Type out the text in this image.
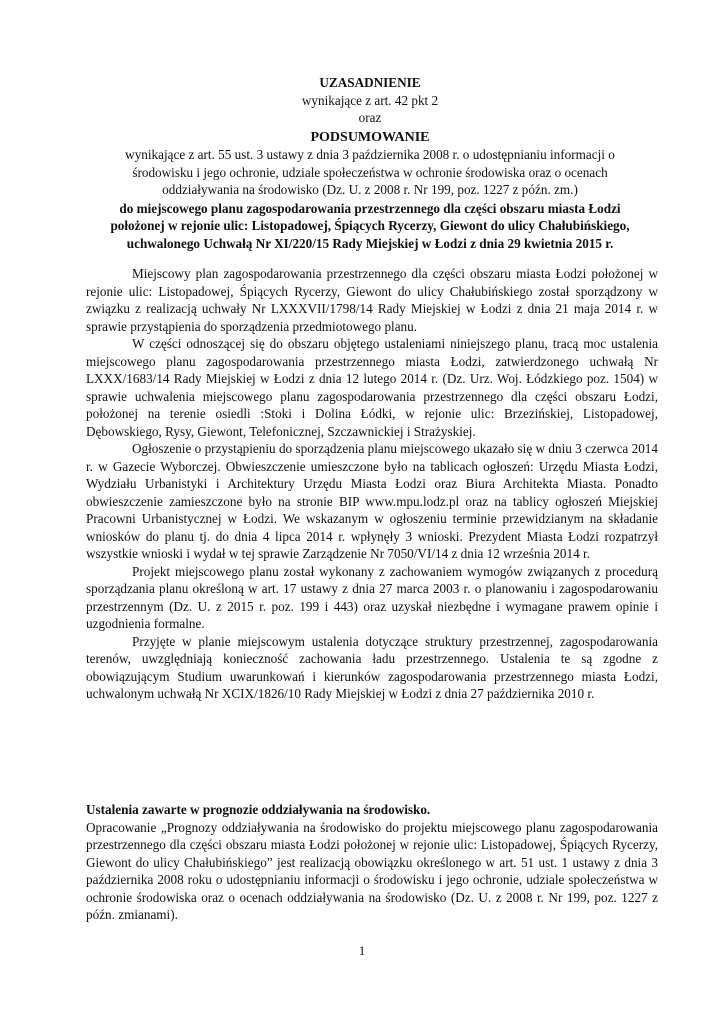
UZASADNIENIE
wynikające z art. 42 pkt 2
oraz
PODSUMOWANIE
wynikające z art. 55 ust. 3 ustawy z dnia 3 października 2008 r. o udostępnianiu informacji o środowisku i jego ochronie, udziale społeczeństwa w ochronie środowiska oraz o ocenach oddziaływania na środowisko (Dz. U. z 2008 r. Nr 199, poz. 1227 z późn. zm.)
do miejscowego planu zagospodarowania przestrzennego dla części obszaru miasta Łodzi położonej w rejonie ulic: Listopadowej, Śpiących Rycerzy, Giewont do ulicy Chałubińskiego, uchwalonego Uchwałą Nr XI/220/15 Rady Miejskiej w Łodzi z dnia 29 kwietnia 2015 r.

Miejscowy plan zagospodarowania przestrzennego dla części obszaru miasta Łodzi położonej w rejonie ulic: Listopadowej, Śpiących Rycerzy, Giewont do ulicy Chałubińskiego został sporządzony w związku z realizacją uchwały Nr LXXXVII/1798/14 Rady Miejskiej w Łodzi z dnia 21 maja 2014 r. w sprawie przystąpienia do sporządzenia przedmiotowego planu.

W części odnoszącej się do obszaru objętego ustaleniami niniejszego planu, tracą moc ustalenia miejscowego planu zagospodarowania przestrzennego miasta Łodzi, zatwierdzonego uchwałą Nr LXXX/1683/14 Rady Miejskiej w Łodzi z dnia 12 lutego 2014 r. (Dz. Urz. Woj. Łódzkiego poz. 1504) w sprawie uchwalenia miejscowego planu zagospodarowania przestrzennego dla części obszaru Łodzi, położonej na terenie osiedli :Stoki i Dolina Łódki, w rejonie ulic: Brzezińskiej, Listopadowej, Dębowskiego, Rysy, Giewont, Telefonicznej, Szczawnickiej i Strażyskiej.

Ogłoszenie o przystąpieniu do sporządzenia planu miejscowego ukazało się w dniu 3 czerwca 2014 r. w Gazecie Wyborczej. Obwieszczenie umieszczone było na tablicach ogłoszeń: Urzędu Miasta Łodzi, Wydziału Urbanistyki i Architektury Urzędu Miasta Łodzi oraz Biura Architekta Miasta. Ponadto obwieszczenie zamieszczone było na stronie BIP www.mpu.lodz.pl oraz na tablicy ogłoszeń Miejskiej Pracowni Urbanistycznej w Łodzi. We wskazanym w ogłoszeniu terminie przewidzianym na składanie wniosków do planu tj. do dnia 4 lipca 2014 r. wpłynęły 3 wnioski. Prezydent Miasta Łodzi rozpatrzył wszystkie wnioski i wydał w tej sprawie Zarządzenie Nr 7050/VI/14 z dnia 12 września 2014 r.

Projekt miejscowego planu został wykonany z zachowaniem wymogów związanych z procedurą sporządzania planu określoną w art. 17 ustawy z dnia 27 marca 2003 r. o planowaniu i zagospodarowaniu przestrzennym (Dz. U. z 2015 r. poz. 199 i 443) oraz uzyskał niezbędne i wymagane prawem opinie i uzgodnienia formalne.

Przyjęte w planie miejscowym ustalenia dotyczące struktury przestrzennej, zagospodarowania terenów, uwzględniają konieczność zachowania ładu przestrzennego. Ustalenia te są zgodne z obowiązującym Studium uwarunkowań i kierunków zagospodarowania przestrzennego miasta Łodzi, uchwalonym uchwałą Nr XCIX/1826/10 Rady Miejskiej w Łodzi z dnia 27 października 2010 r.

Ustalenia zawarte w prognozie oddziaływania na środowisko.

Opracowanie „Prognozy oddziaływania na środowisko do projektu miejscowego planu zagospodarowania przestrzennego dla części obszaru miasta Łodzi położonej w rejonie ulic: Listopadowej, Śpiących Rycerzy, Giewont do ulicy Chałubińskiego” jest realizacją obowiązku określonego w art. 51 ust. 1 ustawy z dnia 3 października 2008 roku o udostępnianiu informacji o środowisku i jego ochronie, udziale społeczeństwa w ochronie środowiska oraz o ocenach oddziaływania na środowisko (Dz. U. z 2008 r. Nr 199, poz. 1227 z późn. zmianami).

1
